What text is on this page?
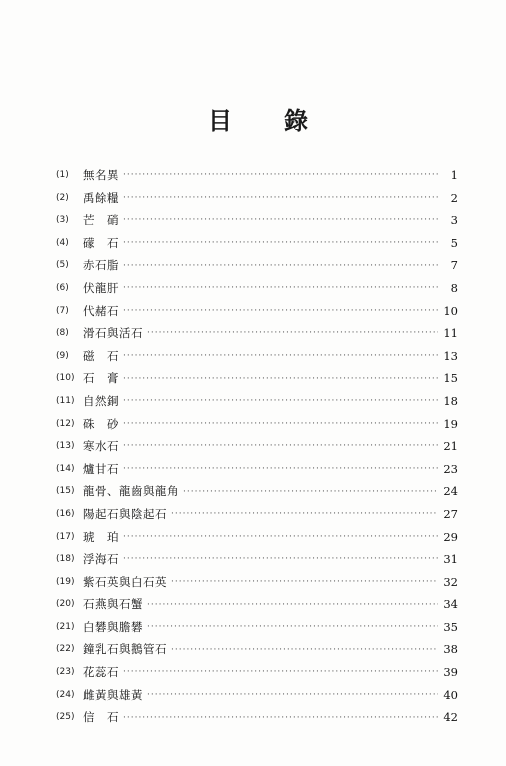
目 錄
(1)	無名異 ·····	1
(2)	禹餘糧 ·····	2
(3)	芒　硝 ·····	3
(4)	礞　石 ·····	5
(5)	赤石脂 ·····	7
(6)	伏龍肝 ·····	8
(7)	代赭石 ·····	10
(8)	滑石與活石 ·····	11
(9)	磁　石 ·····	13
(10) 石　膏 ·····	15
(11) 自然銅 ·····	18
(12) 硃　砂 ·····	19
(13) 寒水石 ·····	21
(14) 爐甘石 ·····	23
(15) 龍骨、龍齒與龍角 ·····	24
(16) 陽起石與陰起石 ·····	27
(17) 琥　珀 ·····	29
(18) 浮海石 ·····	31
(19) 紫石英與白石英 ·····	32
(20) 石燕與石蟹 ·····	34
(21) 白礬與膽礬 ·····	35
(22) 鐘乳石與鵝管石 ·····	38
(23) 花蕊石 ·····	39
(24) 雌黃與雄黃 ·····	40
(25) 信　石 ·····	42
